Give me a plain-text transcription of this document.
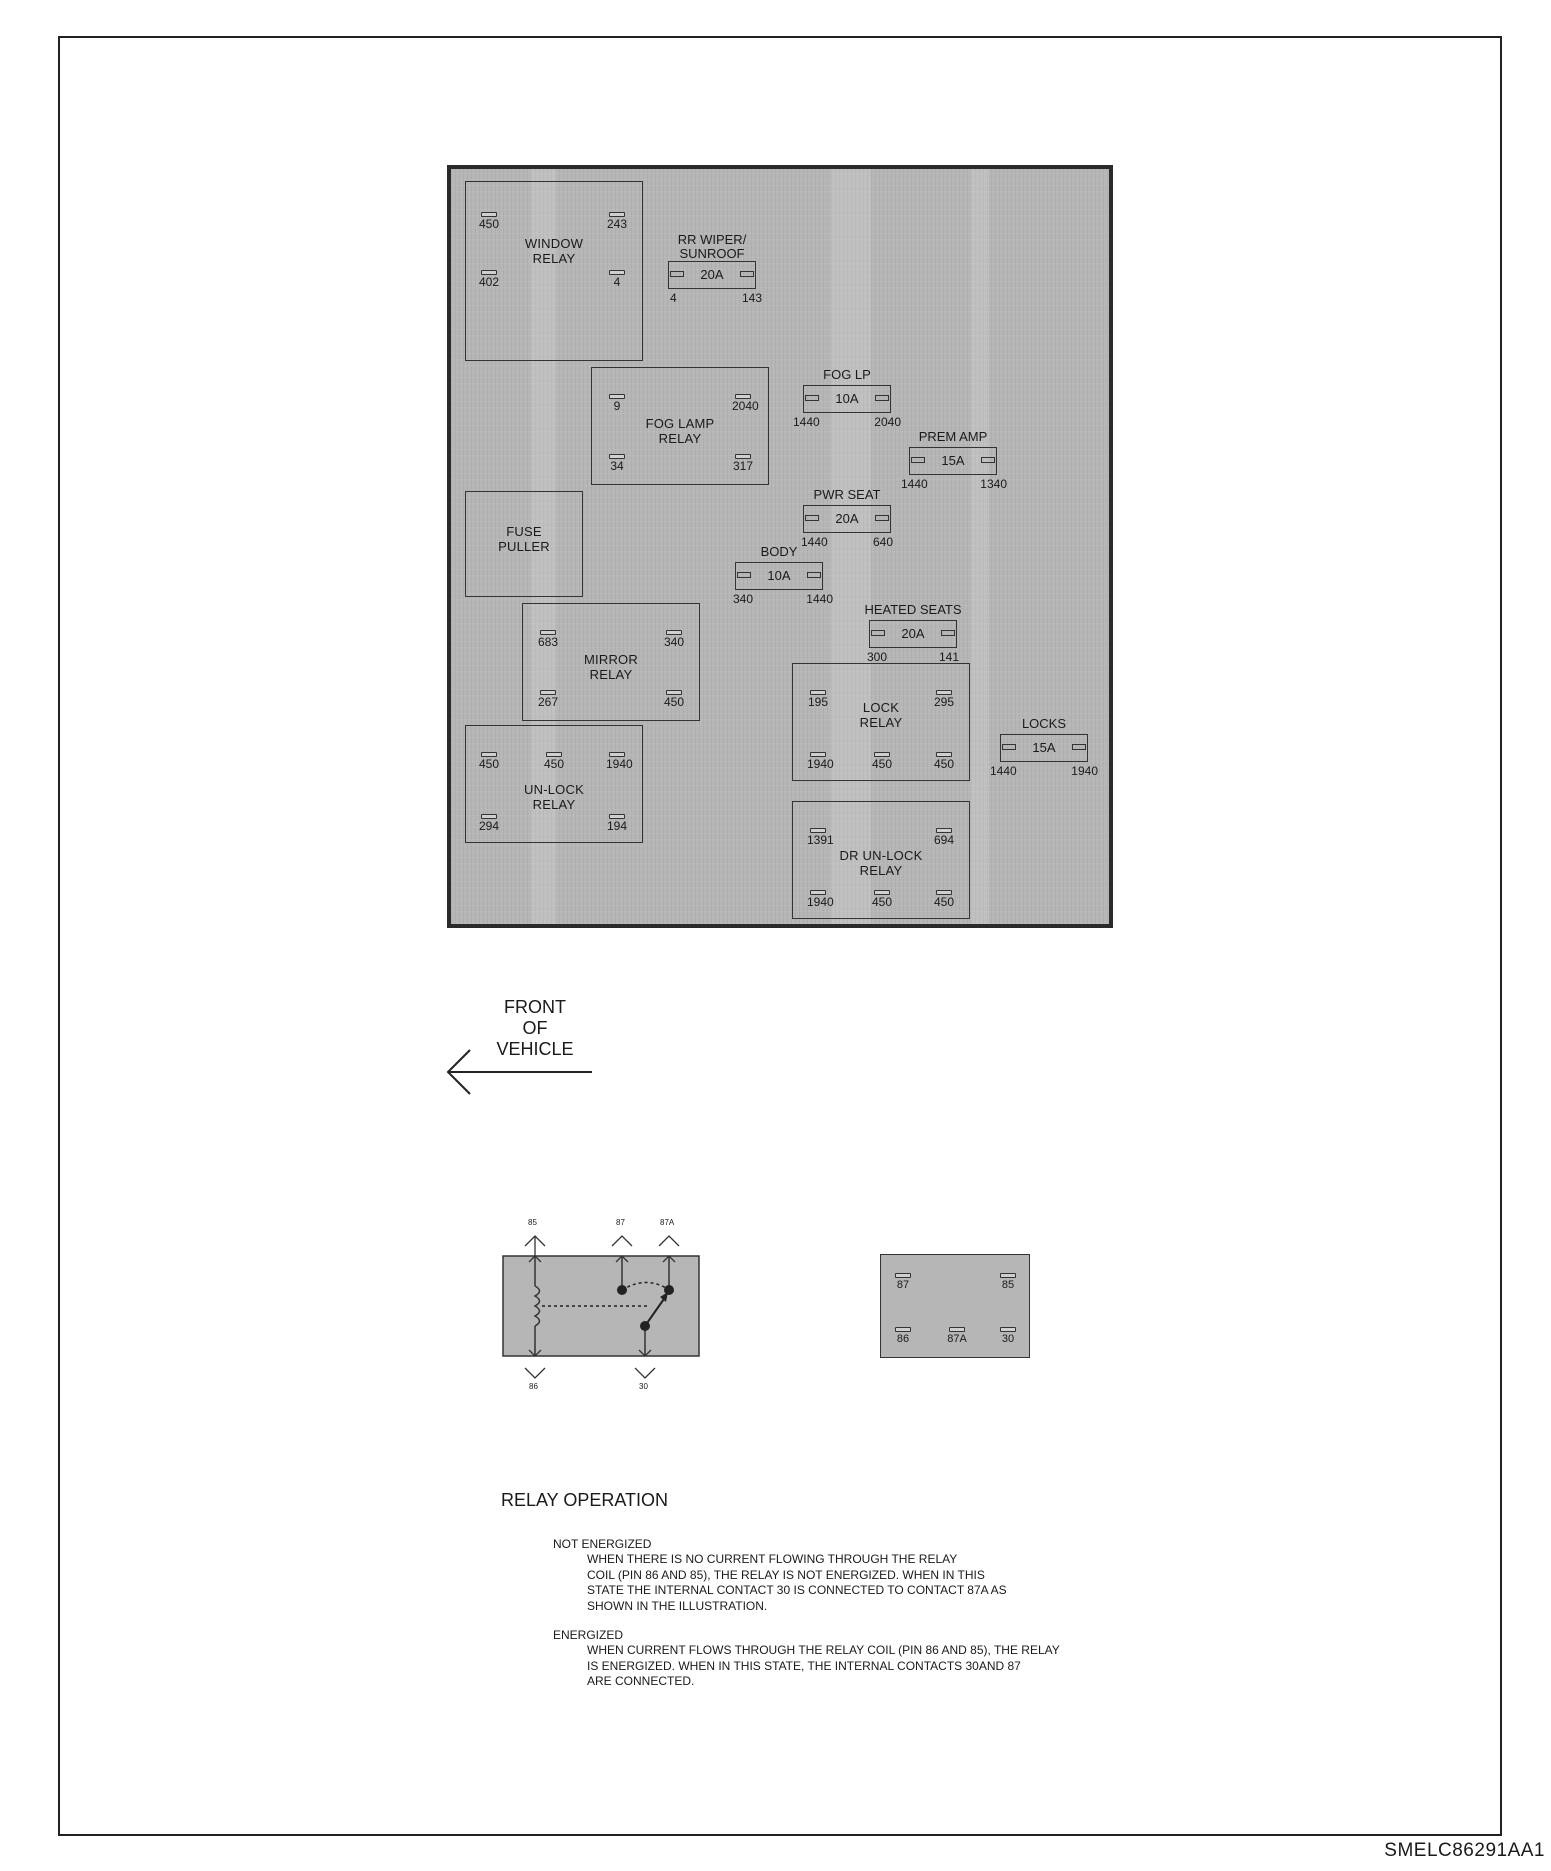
450	243
WINDOW
RELAY
402	4
9	2040
FOG LAMP
RELAY
34	317
FUSE
PULLER
683	340
MIRROR
RELAY
267	450
450	450	1940
UN-LOCK
RELAY
294	194
195	295
LOCK
RELAY
1940	450	450
1391	694
DR UN-LOCK
RELAY
1940	450	450
RR WIPER/
SUNROOF
20A
4	143
FOG LP
10A
1440	2040
PREM AMP
15A
1440	1340
PWR SEAT
20A
1440	640
BODY
10A
340	1440
HEATED SEATS
20A
300	141
LOCKS
15A
1440	1940
FRONT
OF
VEHICLE
85	87	87A
86	30
87	85
86	87A	30
RELAY OPERATION
NOT ENERGIZED
WHEN THERE IS NO CURRENT FLOWING THROUGH THE RELAY
COIL (PIN 86 AND 85), THE RELAY IS NOT ENERGIZED. WHEN IN THIS
STATE THE INTERNAL CONTACT 30 IS CONNECTED TO CONTACT 87A AS
SHOWN IN THE ILLUSTRATION.
ENERGIZED
WHEN CURRENT FLOWS THROUGH THE RELAY COIL (PIN 86 AND 85), THE RELAY
IS ENERGIZED. WHEN IN THIS STATE, THE INTERNAL CONTACTS 30AND 87
ARE CONNECTED.
SMELC86291AA1
